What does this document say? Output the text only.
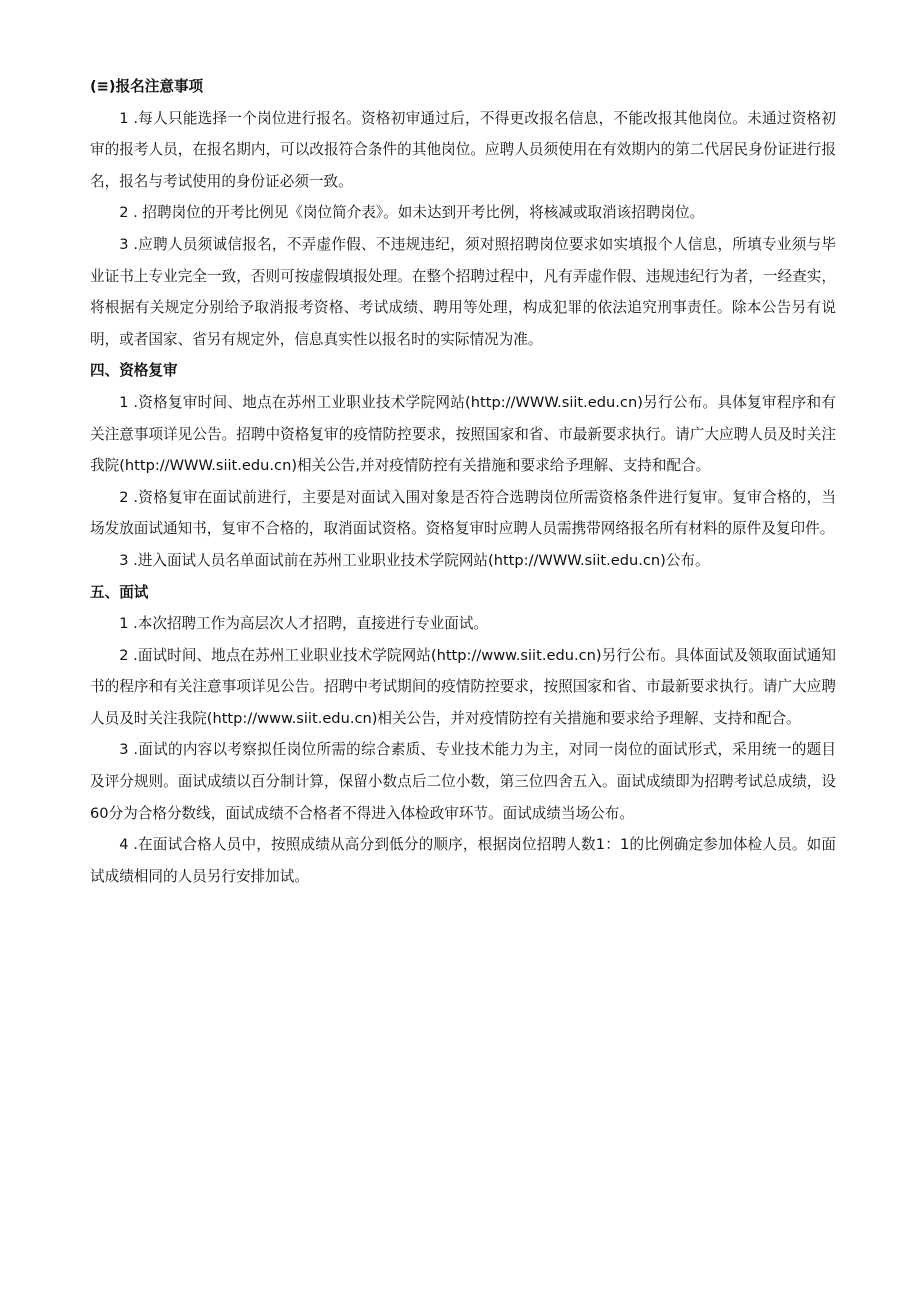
(≡)报名注意事项

1 .每人只能选择一个岗位进行报名。资格初审通过后，不得更改报名信息，不能改报其他岗位。未通过资格初审的报考人员，在报名期内，可以改报符合条件的其他岗位。应聘人员须使用在有效期内的第二代居民身份证进行报名，报名与考试使用的身份证必须一致。

2 . 招聘岗位的开考比例见《岗位简介表》。如未达到开考比例，将核减或取消该招聘岗位。

3 .应聘人员须诚信报名，不弄虚作假、不违规违纪，须对照招聘岗位要求如实填报个人信息，所填专业须与毕业证书上专业完全一致，否则可按虚假填报处理。在整个招聘过程中，凡有弄虚作假、违规违纪行为者，一经查实，将根据有关规定分别给予取消报考资格、考试成绩、聘用等处理，构成犯罪的依法追究刑事责任。除本公告另有说明，或者国家、省另有规定外，信息真实性以报名时的实际情况为准。

四、资格复审

1 .资格复审时间、地点在苏州工业职业技术学院网站(http://WWW.siit.edu.cn)另行公布。具体复审程序和有关注意事项详见公告。招聘中资格复审的疫情防控要求，按照国家和省、市最新要求执行。请广大应聘人员及时关注我院(http://WWW.siit.edu.cn)相关公告,并对疫情防控有关措施和要求给予理解、支持和配合。

2 .资格复审在面试前进行，主要是对面试入围对象是否符合选聘岗位所需资格条件进行复审。复审合格的，当场发放面试通知书，复审不合格的，取消面试资格。资格复审时应聘人员需携带网络报名所有材料的原件及复印件。

3 .进入面试人员名单面试前在苏州工业职业技术学院网站(http://WWW.siit.edu.cn)公布。

五、面试

1 .本次招聘工作为高层次人才招聘，直接进行专业面试。

2 .面试时间、地点在苏州工业职业技术学院网站(http://www.siit.edu.cn)另行公布。具体面试及领取面试通知书的程序和有关注意事项详见公告。招聘中考试期间的疫情防控要求，按照国家和省、市最新要求执行。请广大应聘人员及时关注我院(http://www.siit.edu.cn)相关公告，并对疫情防控有关措施和要求给予理解、支持和配合。

3 .面试的内容以考察拟任岗位所需的综合素质、专业技术能力为主，对同一岗位的面试形式，采用统一的题目及评分规则。面试成绩以百分制计算，保留小数点后二位小数，第三位四舍五入。面试成绩即为招聘考试总成绩，设60分为合格分数线，面试成绩不合格者不得进入体检政审环节。面试成绩当场公布。

4 .在面试合格人员中，按照成绩从高分到低分的顺序，根据岗位招聘人数1：1的比例确定参加体检人员。如面试成绩相同的人员另行安排加试。
